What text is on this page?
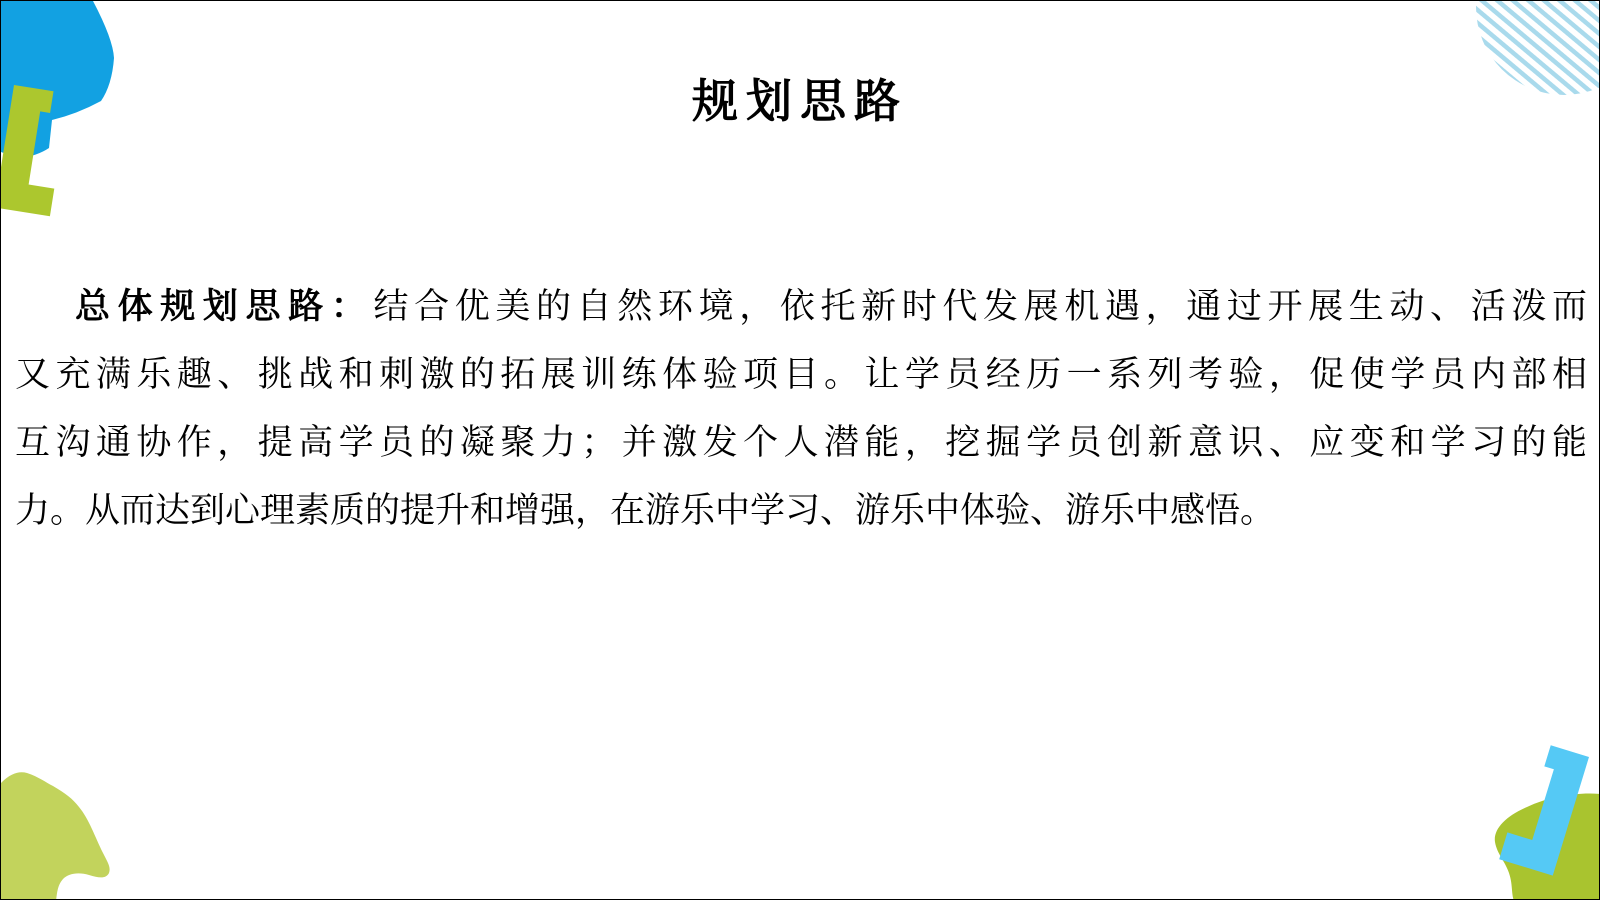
规划思路
总体规划思路：结合优美的自然环境，依托新时代发展机遇，通过开展生动、活泼而
又充满乐趣、挑战和刺激的拓展训练体验项目。让学员经历一系列考验，促使学员内部相
互沟通协作，提高学员的凝聚力；并激发个人潜能，挖掘学员创新意识、应变和学习的能
力。从而达到心理素质的提升和增强，在游乐中学习、游乐中体验、游乐中感悟。
